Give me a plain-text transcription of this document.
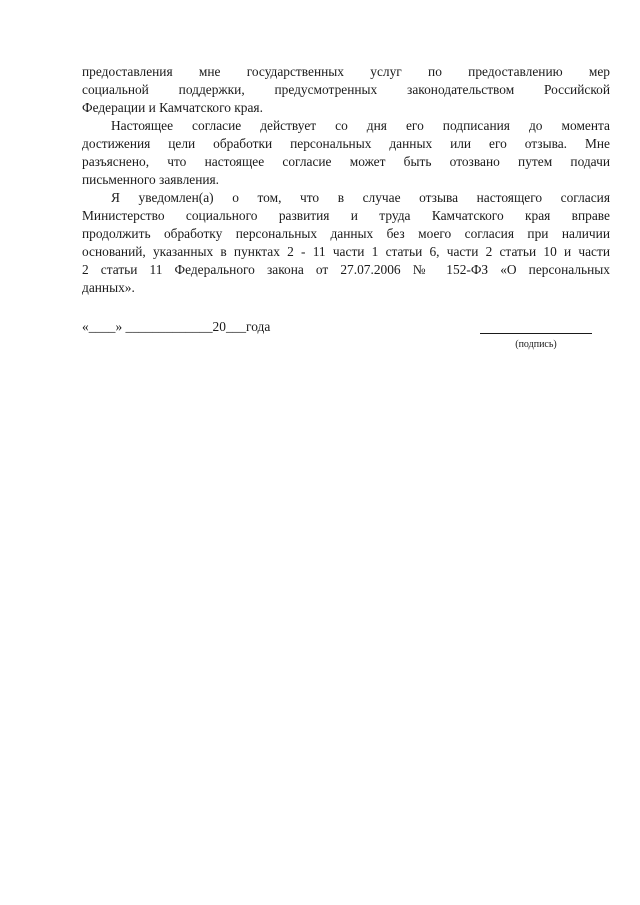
предоставления мне государственных услуг по предоставлению мер
социальной поддержки, предусмотренных законодательством Российской
Федерации и Камчатского края.
Настоящее согласие действует со дня его подписания до момента
достижения цели обработки персональных данных или его отзыва. Мне
разъяснено, что настоящее согласие может быть отозвано путем подачи
письменного заявления.
Я уведомлен(а) о том, что в случае отзыва настоящего согласия
Министерство социального развития и труда Камчатского края вправе
продолжить обработку персональных данных без моего согласия при наличии
оснований, указанных в пунктах 2 - 11 части 1 статьи 6, части 2 статьи 10 и части
2 статьи 11 Федерального закона от 27.07.2006 № 152-ФЗ «О персональных
данных».
«____» _____________20___года
(подпись)
